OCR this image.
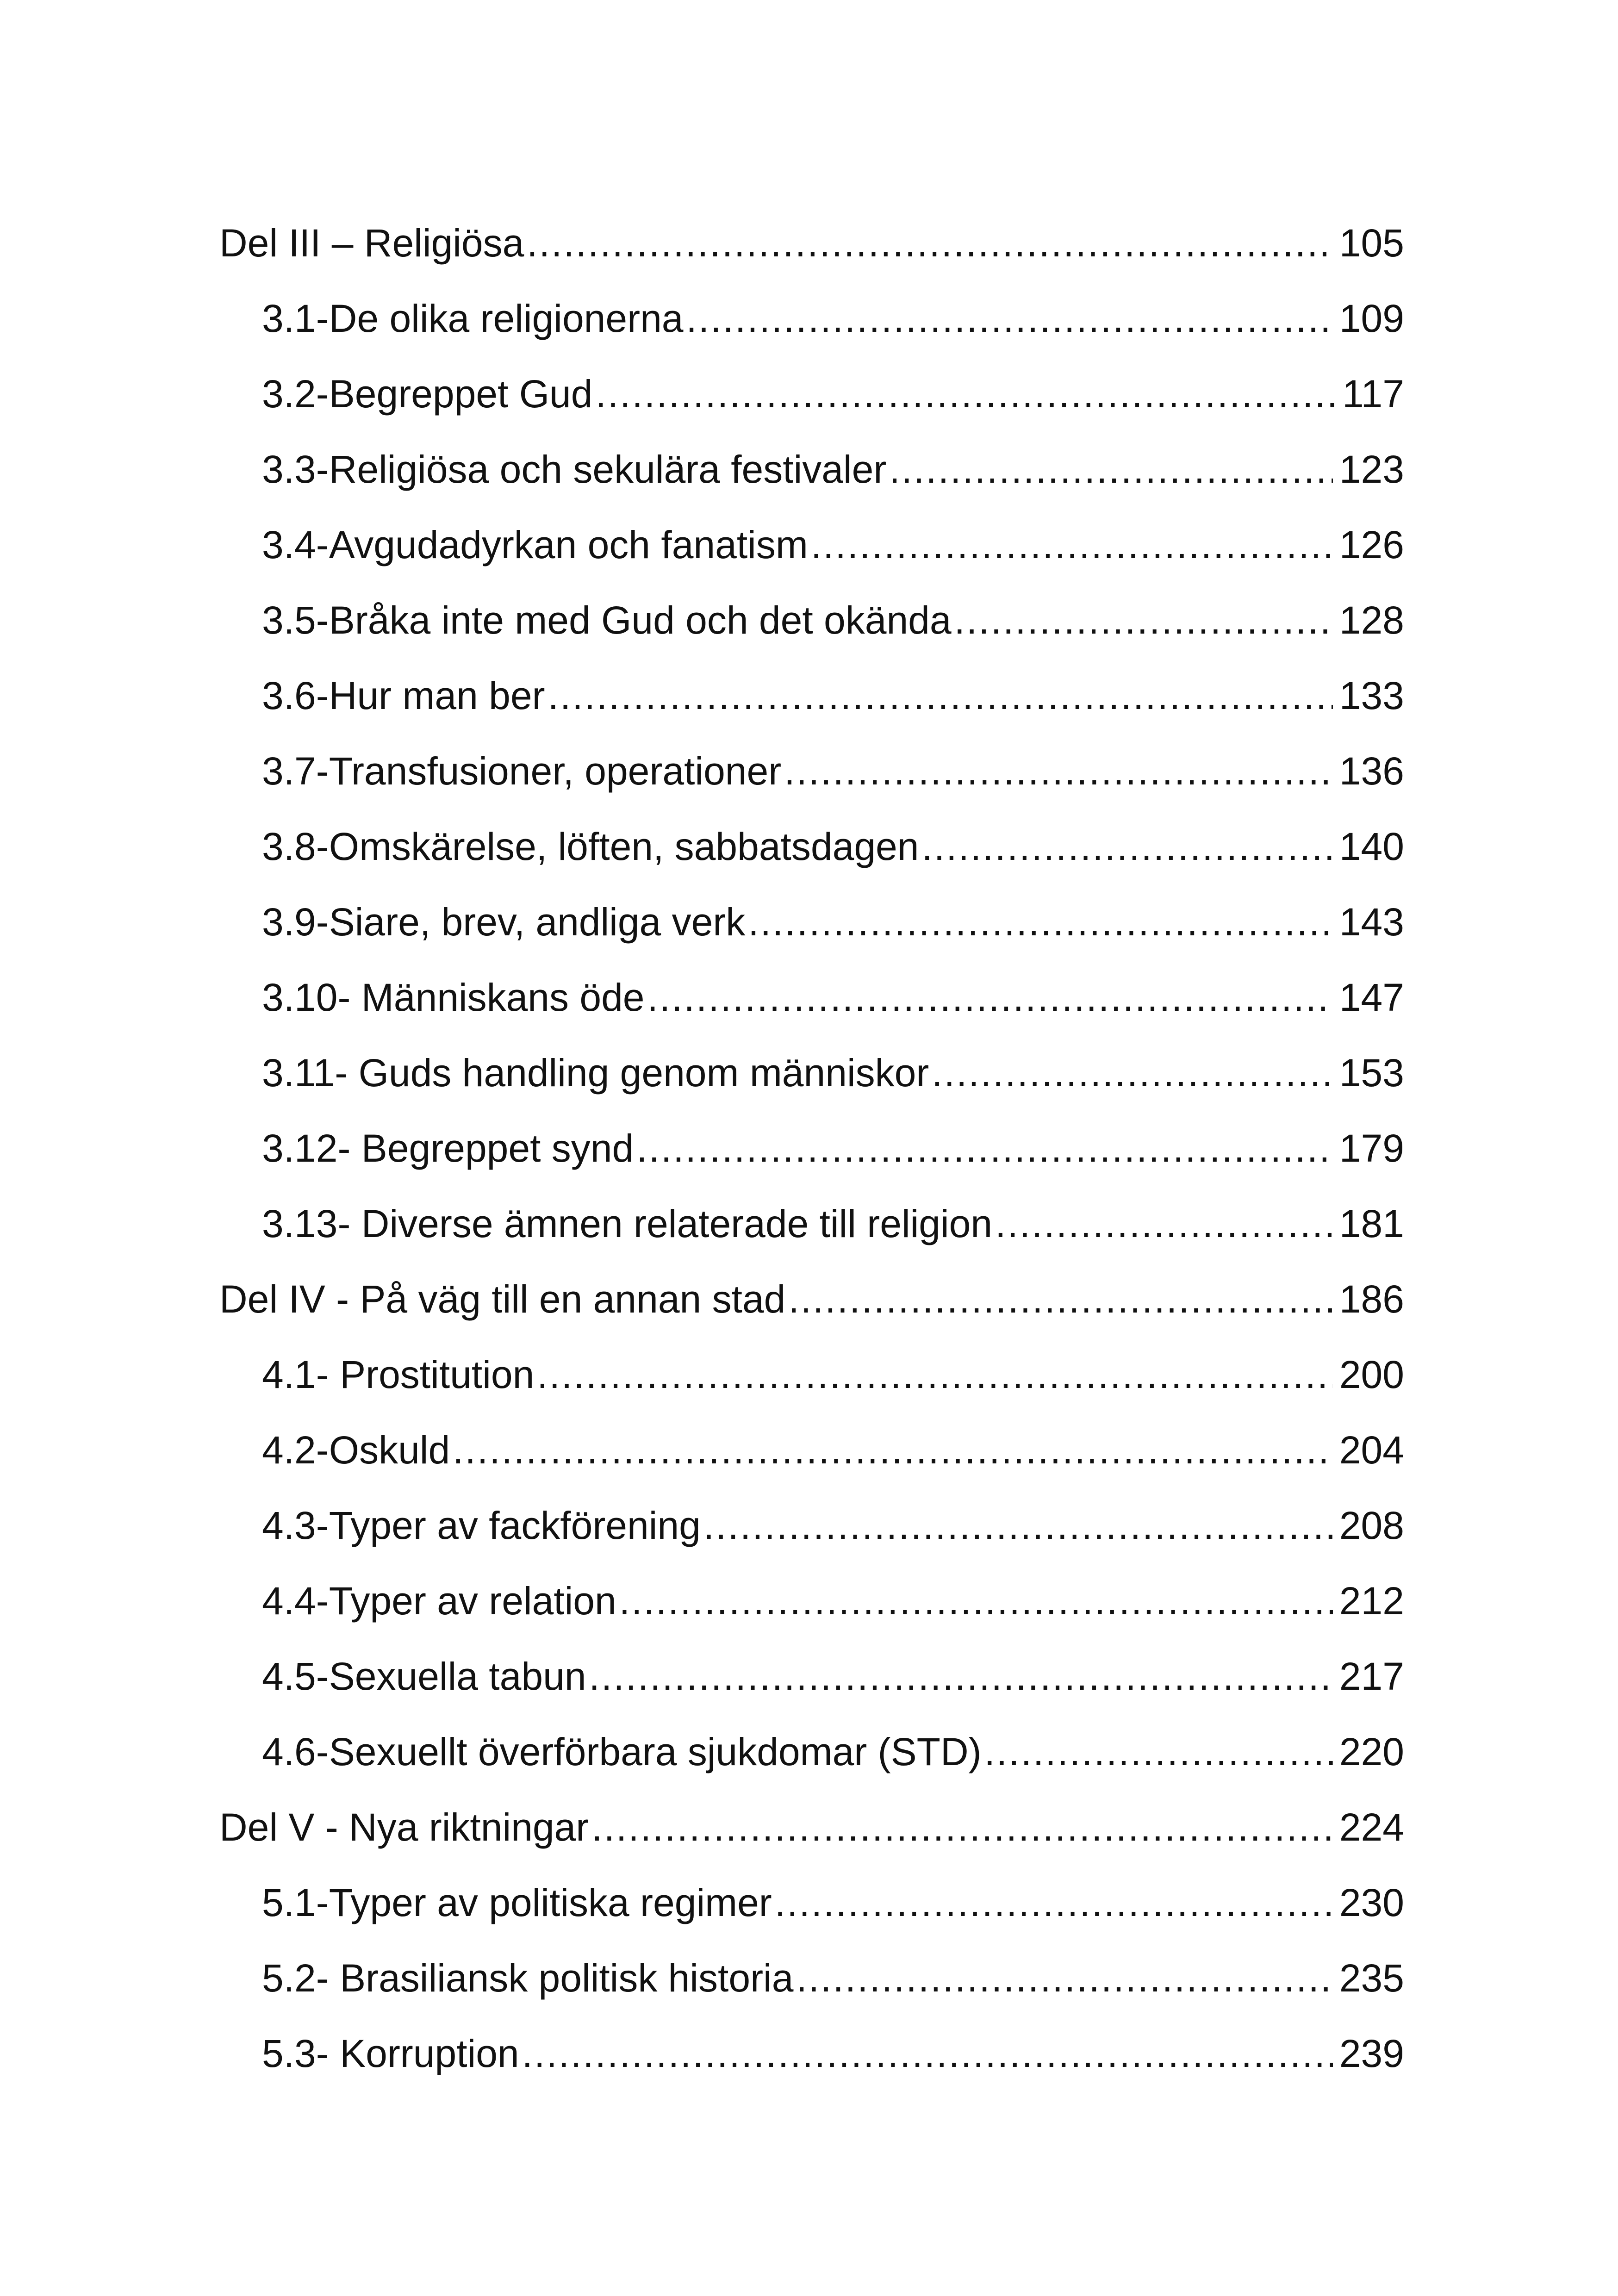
Del III – Religiösa .....	105
3.1-De olika religionerna .....	109
3.2-Begreppet Gud .....	117
3.3-Religiösa och sekulära festivaler .....	123
3.4-Avgudadyrkan och fanatism .....	126
3.5-Bråka inte med Gud och det okända .....	128
3.6-Hur man ber .....	133
3.7-Transfusioner, operationer .....	136
3.8-Omskärelse, löften, sabbatsdagen .....	140
3.9-Siare, brev, andliga verk .....	143
3.10- Människans öde .....	147
3.11- Guds handling genom människor .....	153
3.12- Begreppet synd .....	179
3.13- Diverse ämnen relaterade till religion .....	181
Del IV - På väg till en annan stad .....	186
4.1- Prostitution .....	200
4.2-Oskuld .....	204
4.3-Typer av fackförening .....	208
4.4-Typer av relation .....	212
4.5-Sexuella tabun .....	217
4.6-Sexuellt överförbara sjukdomar (STD) .....	220
Del V - Nya riktningar .....	224
5.1-Typer av politiska regimer .....	230
5.2- Brasiliansk politisk historia .....	235
5.3- Korruption .....	239
